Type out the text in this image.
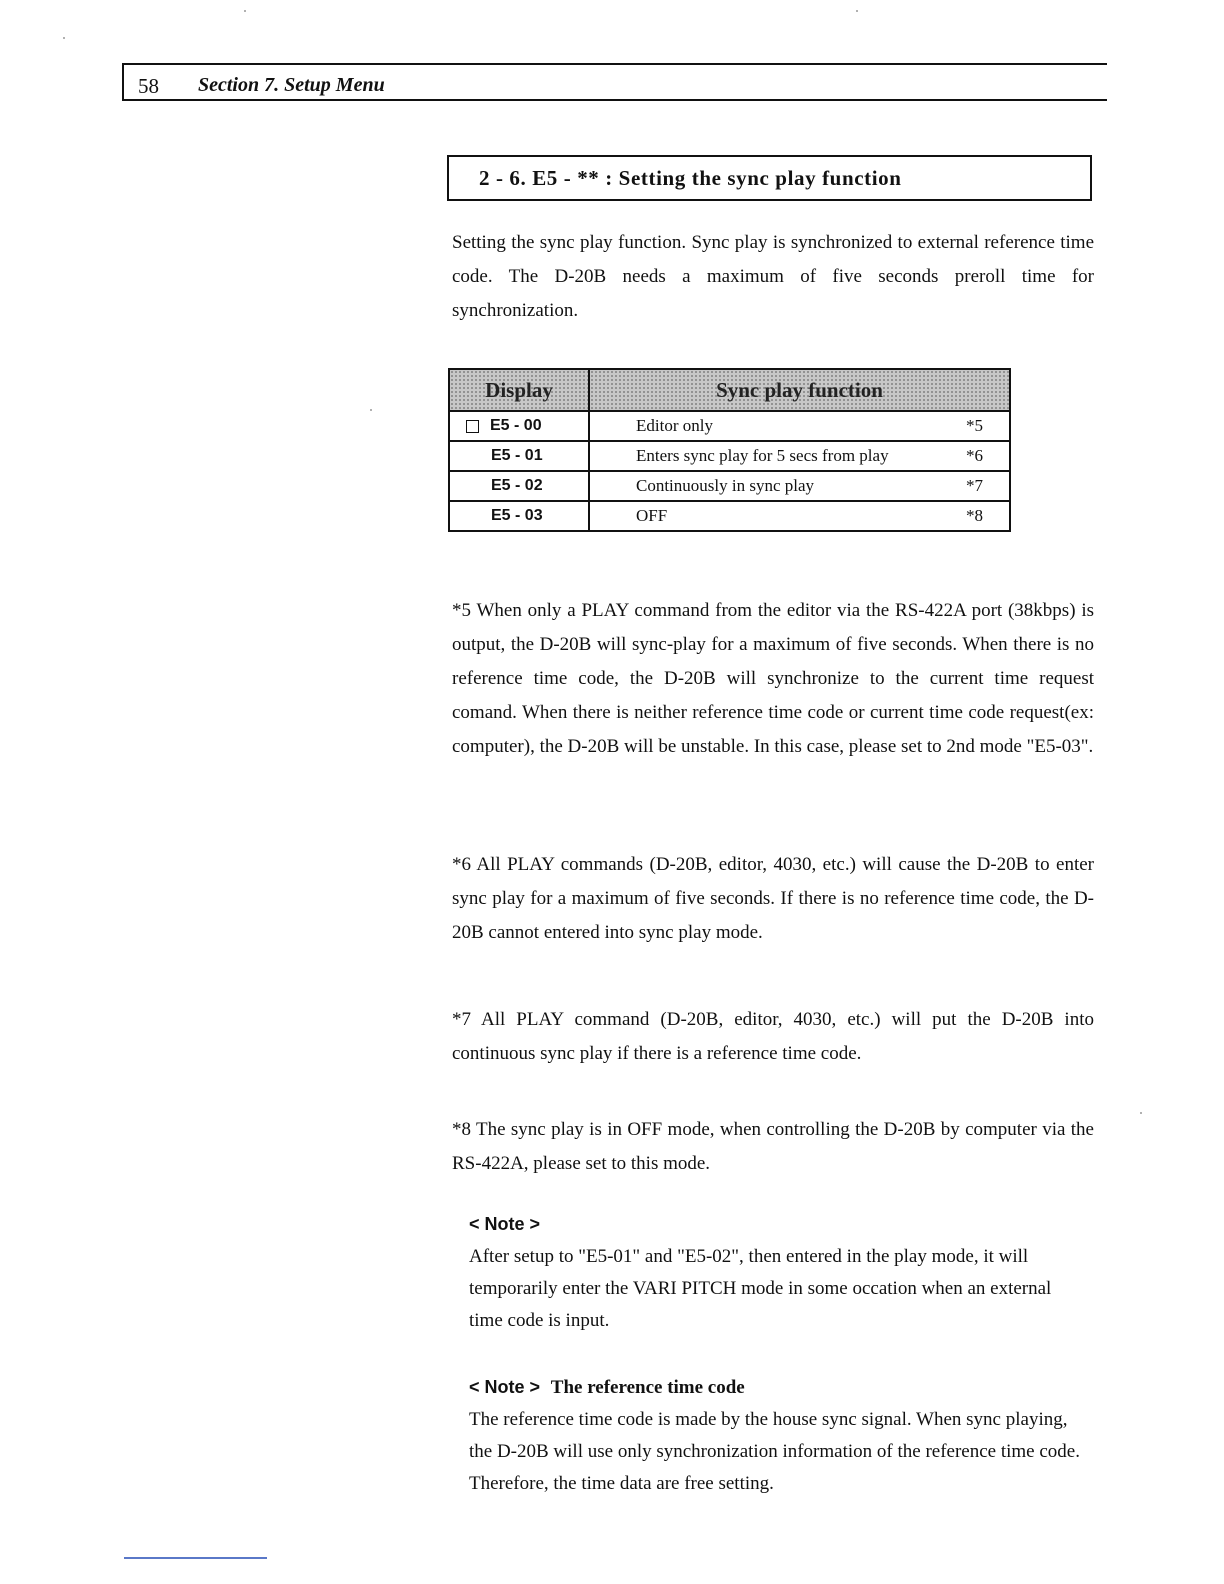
58 Section 7. Setup Menu
2 - 6. E5 - ** : Setting the sync play function
Setting the sync play function. Sync play is synchronized to external reference time code. The D-20B needs a maximum of five seconds preroll time for synchronization.
Display	Sync play function

E5 - 00	Editor only *5

E5 - 01	Enters sync play for 5 secs from play *6

E5 - 02	Continuously in sync play *7

E5 - 03	OFF *8
*5 When only a PLAY command from the editor via the RS-422A port (38kbps) is output, the D-20B will sync-play for a maximum of five seconds. When there is no reference time code, the D-20B will synchronize to the current time request comand. When there is neither reference time code or current time code request(ex: computer), the D-20B will be unstable. In this case, please set to 2nd mode "E5-03".
*6 All PLAY commands (D-20B, editor, 4030, etc.) will cause the D-20B to enter sync play for a maximum of five seconds. If there is no reference time code, the D-20B cannot entered into sync play mode.
*7 All PLAY command (D-20B, editor, 4030, etc.) will put the D-20B into continuous sync play if there is a reference time code.
*8 The sync play is in OFF mode, when controlling the D-20B by computer via the RS-422A, please set to this mode.
< Note >
After setup to "E5-01" and "E5-02", then entered in the play mode, it will temporarily enter the VARI PITCH mode in some occation when an external time code is input.
< Note > The reference time code
The reference time code is made by the house sync signal. When sync playing, the D-20B will use only synchronization information of the reference time code. Therefore, the time data are free setting.
